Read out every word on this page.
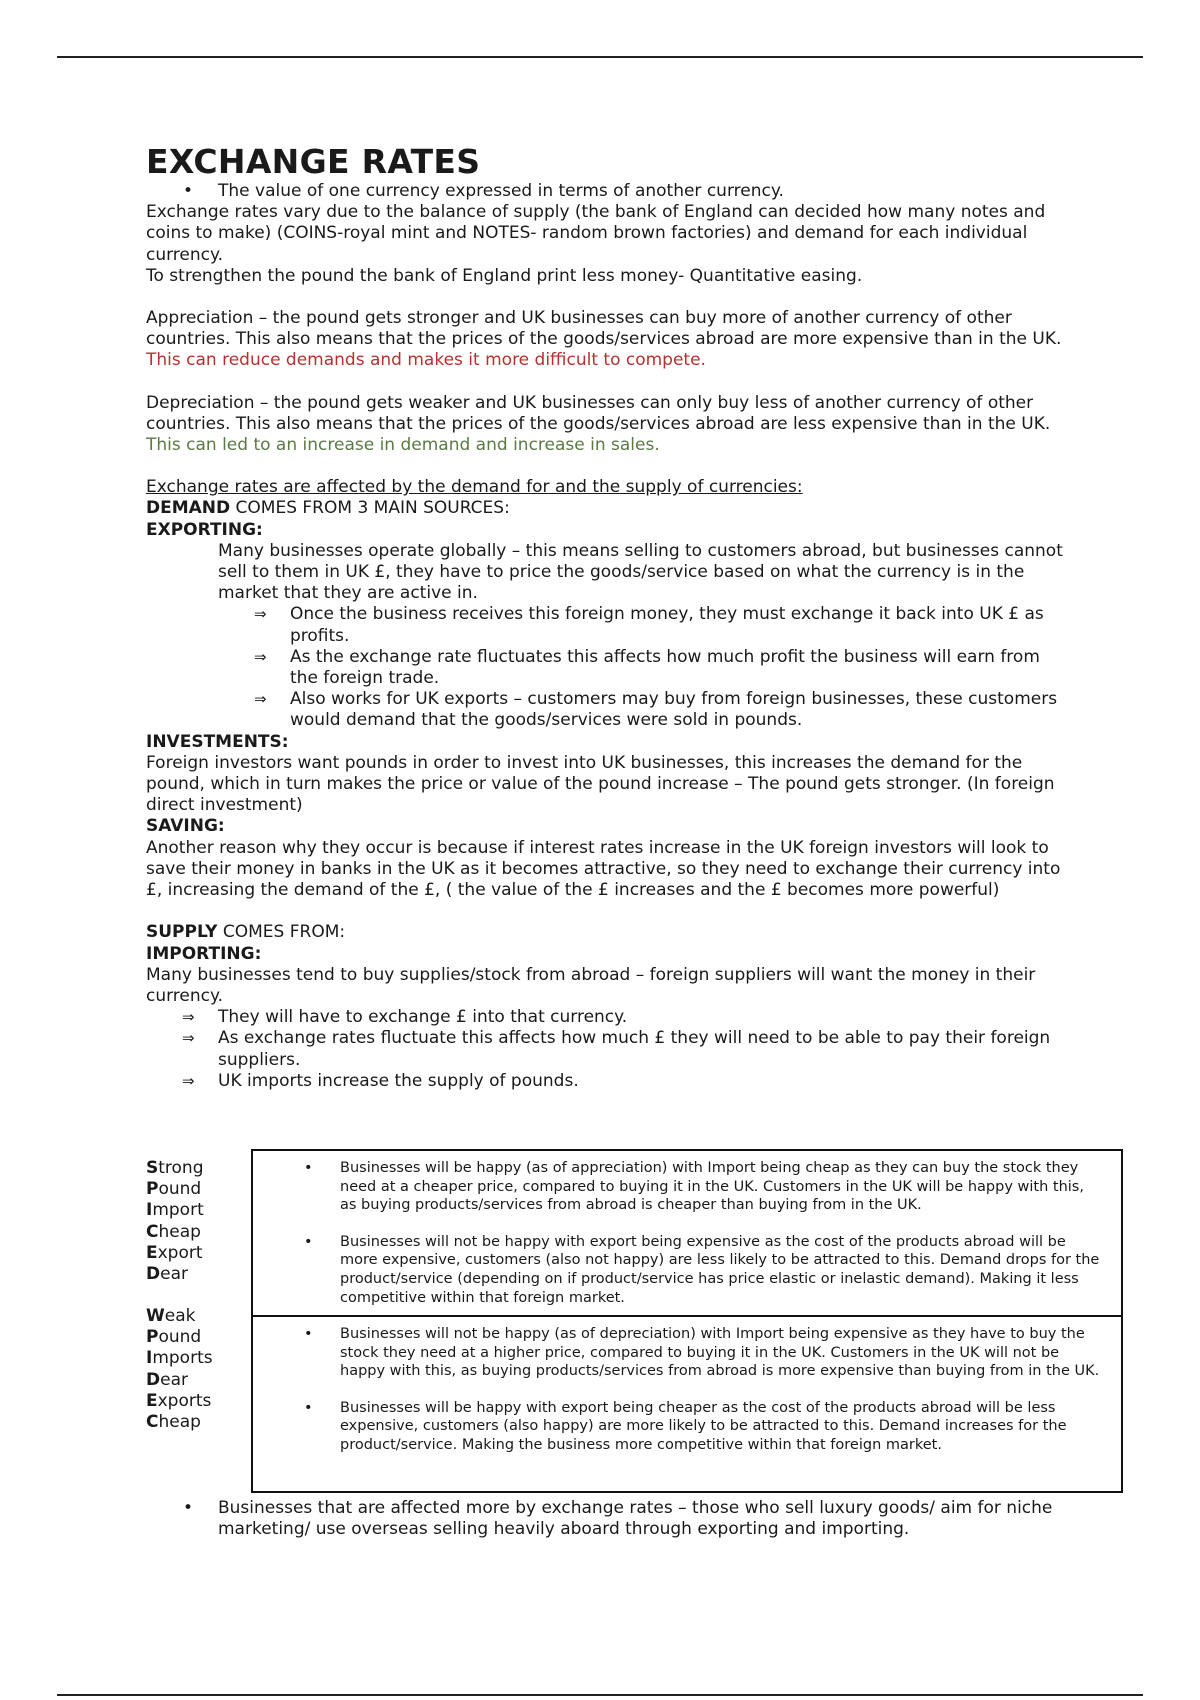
EXCHANGE RATES
• The value of one currency expressed in terms of another currency.

Exchange rates vary due to the balance of supply (the bank of England can decided how many notes and coins to make) (COINS-royal mint and NOTES- random brown factories) and demand for each individual currency.

To strengthen the pound the bank of England print less money- Quantitative easing.

Appreciation – the pound gets stronger and UK businesses can buy more of another currency of other countries. This also means that the prices of the goods/services abroad are more expensive than in the UK. This can reduce demands and makes it more difficult to compete.

Depreciation – the pound gets weaker and UK businesses can only buy less of another currency of other countries. This also means that the prices of the goods/services abroad are less expensive than in the UK. This can led to an increase in demand and increase in sales.

Exchange rates are affected by the demand for and the supply of currencies:

DEMAND COMES FROM 3 MAIN SOURCES:

EXPORTING:

Many businesses operate globally – this means selling to customers abroad, but businesses cannot sell to them in UK £, they have to price the goods/service based on what the currency is in the market that they are active in.

⇒ Once the business receives this foreign money, they must exchange it back into UK £ as profits.
⇒ As the exchange rate fluctuates this affects how much profit the business will earn from the foreign trade.
⇒ Also works for UK exports – customers may buy from foreign businesses, these customers would demand that the goods/services were sold in pounds.

INVESTMENTS:

Foreign investors want pounds in order to invest into UK businesses, this increases the demand for the pound, which in turn makes the price or value of the pound increase – The pound gets stronger. (In foreign direct investment)

SAVING:

Another reason why they occur is because if interest rates increase in the UK foreign investors will look to save their money in banks in the UK as it becomes attractive, so they need to exchange their currency into £, increasing the demand of the £, ( the value of the £ increases and the £ becomes more powerful)

SUPPLY COMES FROM:

IMPORTING:

Many businesses tend to buy supplies/stock from abroad – foreign suppliers will want the money in their currency.

⇒ They will have to exchange £ into that currency.
⇒ As exchange rates fluctuate this affects how much £ they will need to be able to pay their foreign suppliers.
⇒ UK imports increase the supply of pounds.
Strong
Pound
Import
Cheap
Export
Dear
Weak
Pound
Imports
Dear
Exports
Cheap
• Businesses will be happy (as of appreciation) with Import being cheap as they can buy the stock they need at a cheaper price, compared to buying it in the UK. Customers in the UK will be happy with this, as buying products/services from abroad is cheaper than buying from in the UK.
• Businesses will not be happy with export being expensive as the cost of the products abroad will be more expensive, customers (also not happy) are less likely to be attracted to this. Demand drops for the product/service (depending on if product/service has price elastic or inelastic demand). Making it less competitive within that foreign market.
• Businesses will not be happy (as of depreciation) with Import being expensive as they have to buy the stock they need at a higher price, compared to buying it in the UK. Customers in the UK will not be happy with this, as buying products/services from abroad is more expensive than buying from in the UK.
• Businesses will be happy with export being cheaper as the cost of the products abroad will be less expensive, customers (also happy) are more likely to be attracted to this. Demand increases for the product/service. Making the business more competitive within that foreign market.
• Businesses that are affected more by exchange rates – those who sell luxury goods/ aim for niche marketing/ use overseas selling heavily aboard through exporting and importing.
